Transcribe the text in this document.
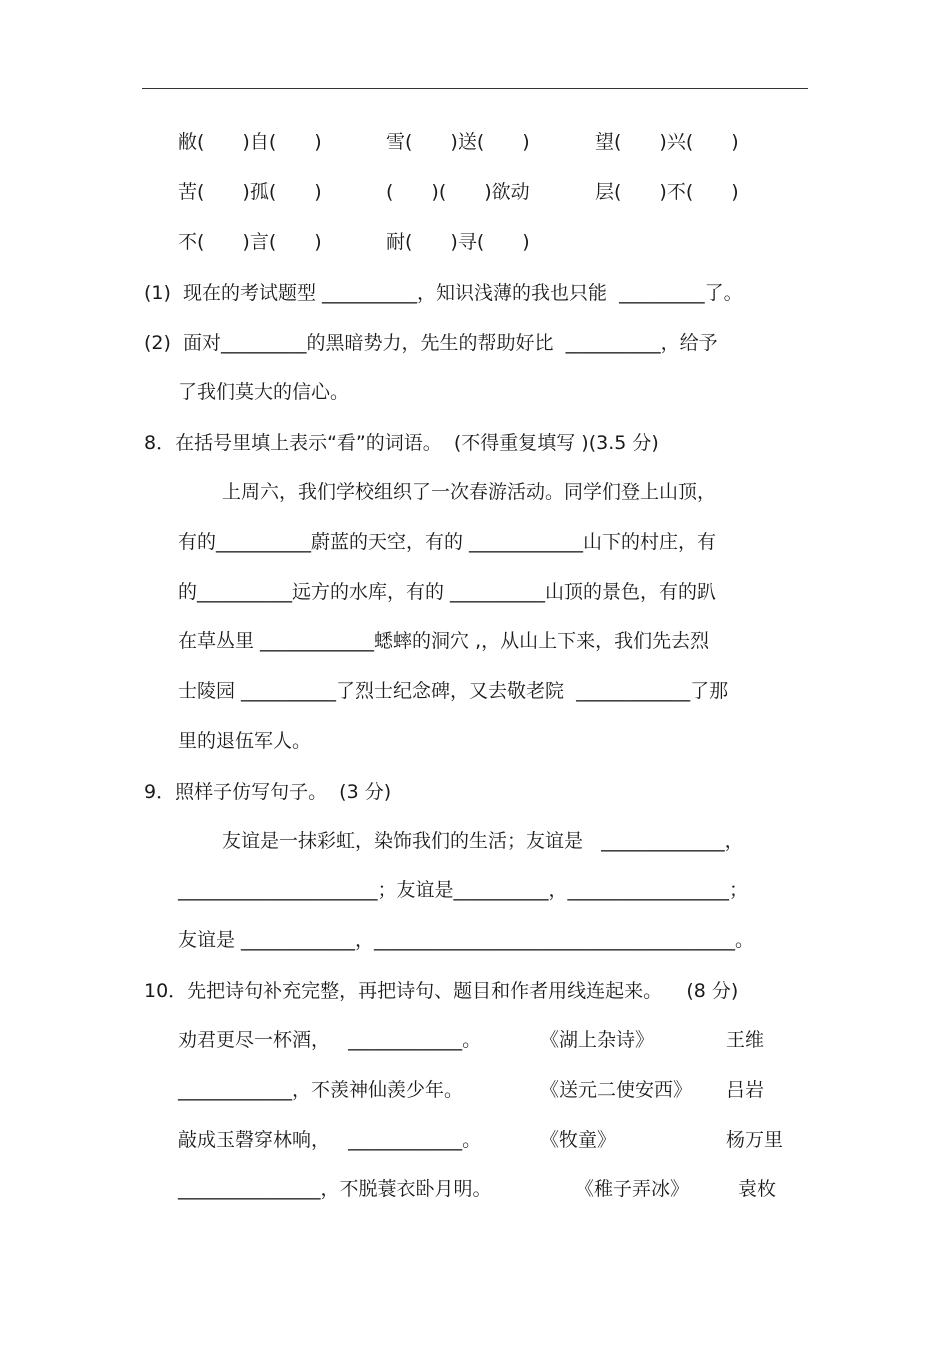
敝(　　)自(　　)	雪(　　)送(　　)	望(　　)兴(　　)
苦(　　)孤(　　)	(　　)(　　)欲动	层(　　)不(　　)
不(　　)言(　　)	耐(　　)寻(　　)
(1)  现在的考试题型 __________，知识浅薄的我也只能  _________了。
(2)  面对_________的黑暗势力，先生的帮助好比  __________，给予
了我们莫大的信心。
8．在括号里填上表示“看”的词语。  (不得重复填写 )(3.5 分)
上周六，我们学校组织了一次春游活动。同学们登上山顶，
有的__________蔚蓝的天空，有的 ____________山下的村庄，有
的__________远方的水库，有的 __________山顶的景色，有的趴
在草丛里 ____________蟋蟀的洞穴 ,，从山上下来，我们先去烈
士陵园 __________了烈士纪念碑，又去敬老院  ____________了那
里的退伍军人。
9．照样子仿写句子。  (3 分)
友谊是一抹彩虹，染饰我们的生活；友谊是   _____________，
_____________________；友谊是__________，_________________；
友谊是 ____________，______________________________________。
10．先把诗句补充完整，再把诗句、题目和作者用线连起来。    (8 分)
劝君更尽一杯酒，   ____________。	《湖上杂诗》	王维
____________，不羡神仙羡少年。	《送元二使安西》 吕岩
敲成玉磬穿林响，   ____________。	《牧童》	杨万里
_______________，不脱蓑衣卧月明。	《稚子弄冰》	袁枚
